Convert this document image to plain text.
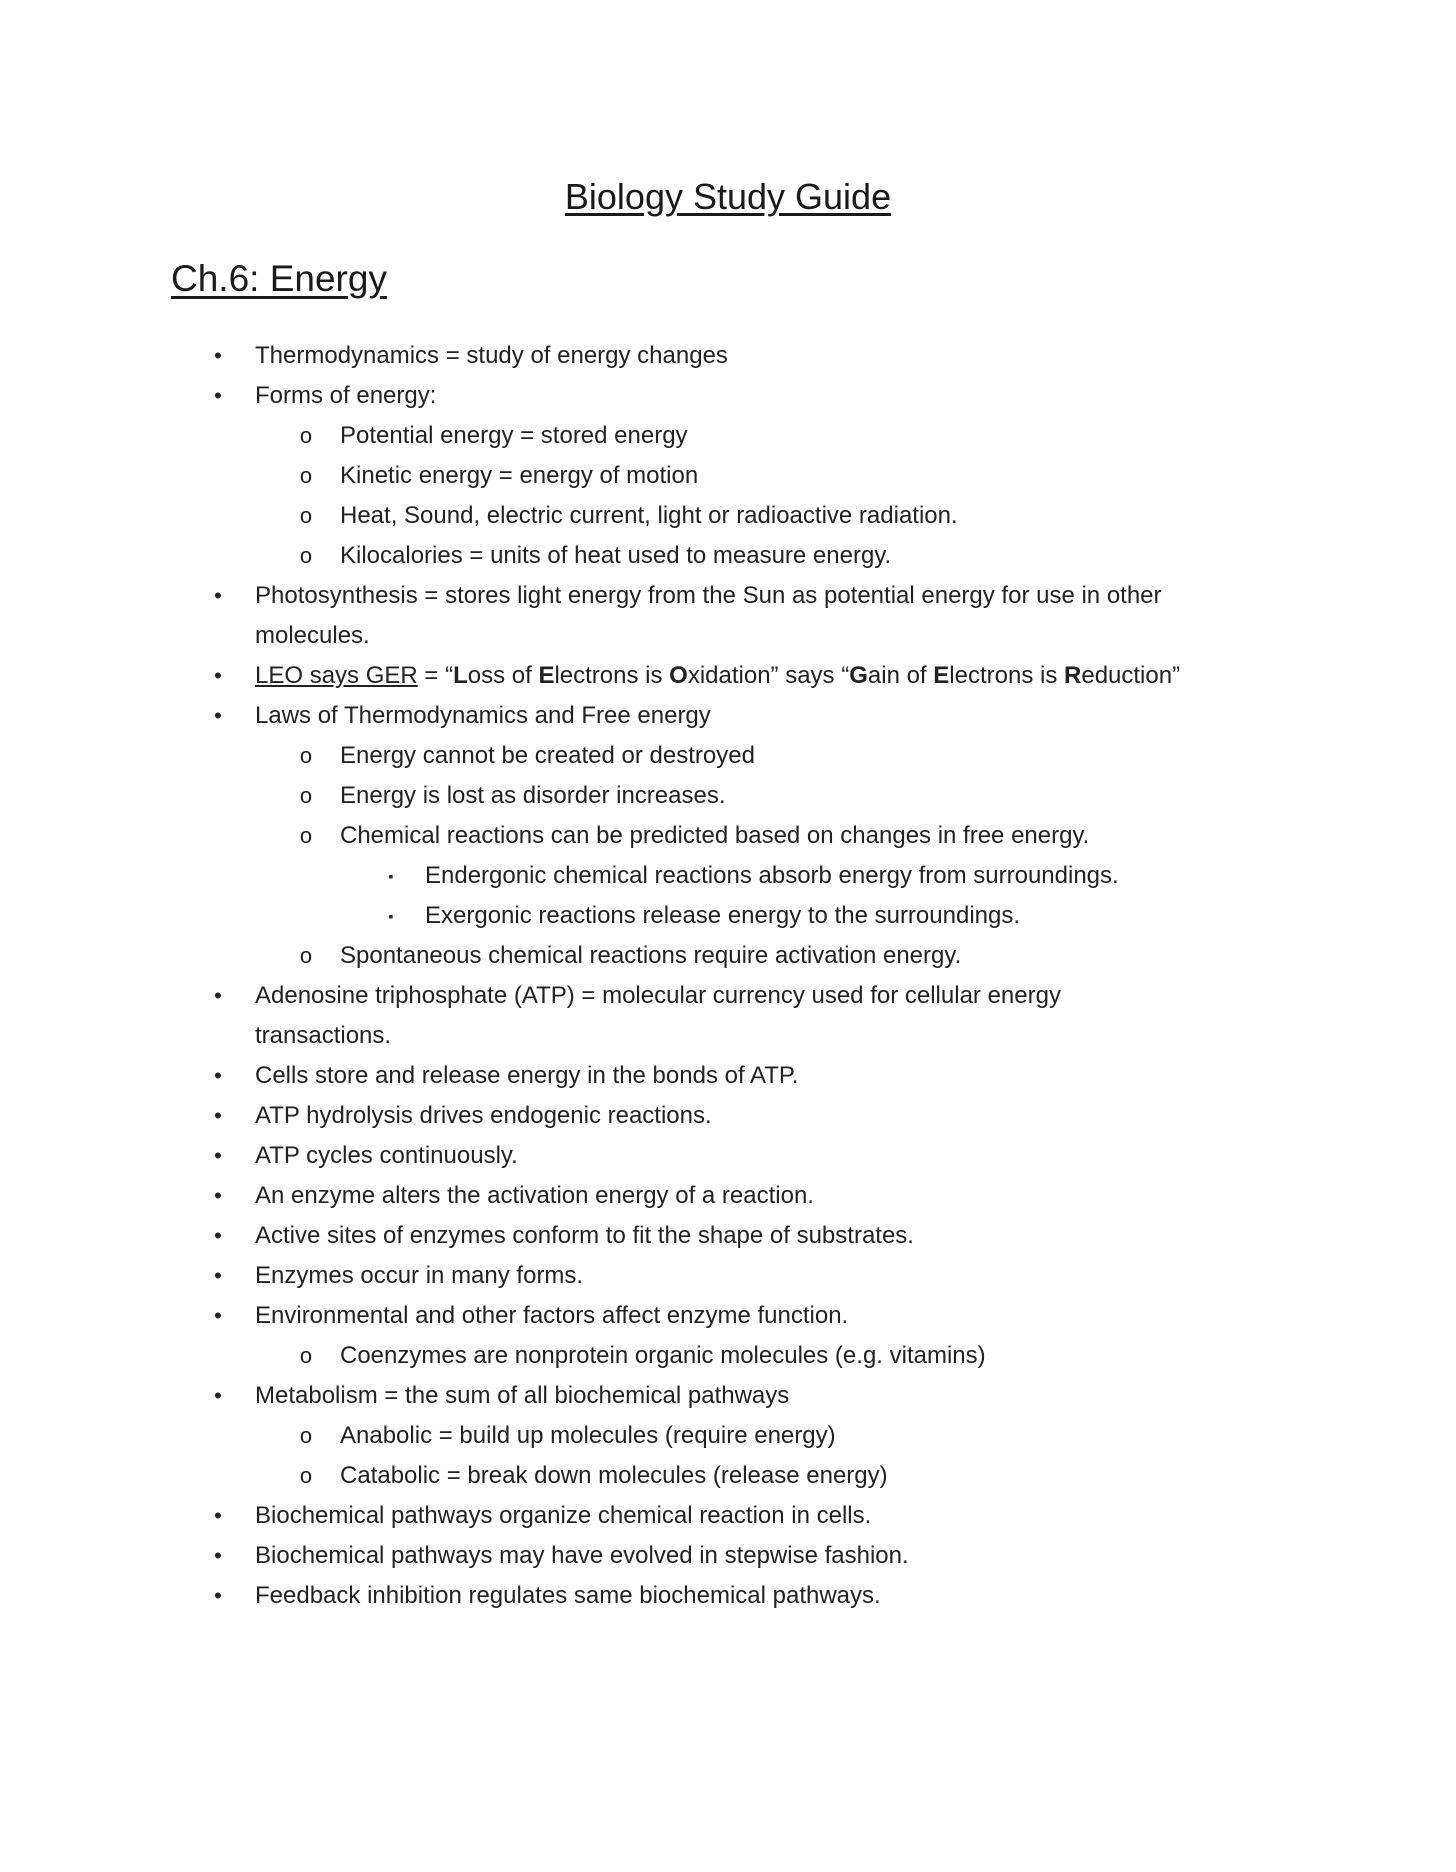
Biology Study Guide
Ch.6: Energy
• Thermodynamics = study of energy changes
• Forms of energy:
o Potential energy = stored energy
o Kinetic energy = energy of motion
o Heat, Sound, electric current, light or radioactive radiation.
o Kilocalories = units of heat used to measure energy.
• Photosynthesis = stores light energy from the Sun as potential energy for use in other
molecules.
• LEO says GER = “Loss of Electrons is Oxidation” says “Gain of Electrons is Reduction”
• Laws of Thermodynamics and Free energy
o Energy cannot be created or destroyed
o Energy is lost as disorder increases.
o Chemical reactions can be predicted based on changes in free energy.
▪	Endergonic chemical reactions absorb energy from surroundings.
▪	Exergonic reactions release energy to the surroundings.
o Spontaneous chemical reactions require activation energy.
• Adenosine triphosphate (ATP) = molecular currency used for cellular energy
transactions.
• Cells store and release energy in the bonds of ATP.
• ATP hydrolysis drives endogenic reactions.
• ATP cycles continuously.
• An enzyme alters the activation energy of a reaction.
• Active sites of enzymes conform to fit the shape of substrates.
• Enzymes occur in many forms.
• Environmental and other factors affect enzyme function.
o Coenzymes are nonprotein organic molecules (e.g. vitamins)
• Metabolism = the sum of all biochemical pathways
o Anabolic = build up molecules (require energy)
o Catabolic = break down molecules (release energy)
• Biochemical pathways organize chemical reaction in cells.
• Biochemical pathways may have evolved in stepwise fashion.
• Feedback inhibition regulates same biochemical pathways.
